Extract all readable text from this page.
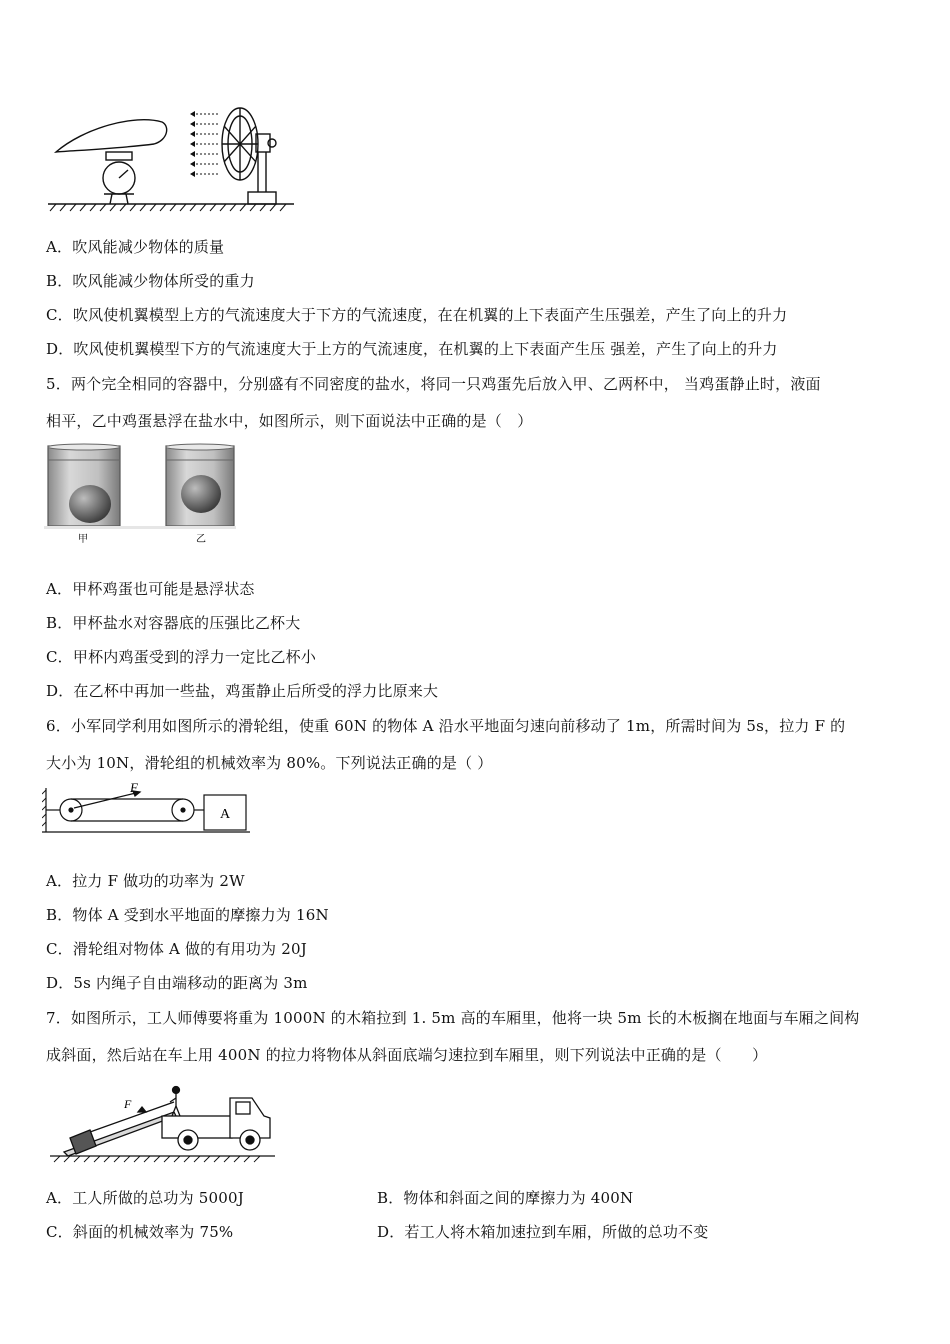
A．吹风能减少物体的质量
B．吹风能减少物体所受的重力
C．吹风使机翼模型上方的气流速度大于下方的气流速度，在在机翼的上下表面产生压强差，产生了向上的升力
D．吹风使机翼模型下方的气流速度大于上方的气流速度，在机翼的上下表面产生压 强差，产生了向上的升力
5．两个完全相同的容器中，分别盛有不同密度的盐水，将同一只鸡蛋先后放入甲、乙两杯中， 当鸡蛋静止时，液面
相平，乙中鸡蛋悬浮在盐水中，如图所示，则下面说法中正确的是（　）
甲	乙
A．甲杯鸡蛋也可能是悬浮状态
B．甲杯盐水对容器底的压强比乙杯大
C．甲杯内鸡蛋受到的浮力一定比乙杯小
D．在乙杯中再加一些盐，鸡蛋静止后所受的浮力比原来大
6．小军同学利用如图所示的滑轮组，使重 60N 的物体 A 沿水平地面匀速向前移动了 1m，所需时间为 5s，拉力 F 的
大小为 10N，滑轮组的机械效率为 80%。下列说法正确的是（ ）
F
A
A．拉力 F 做功的功率为 2W
B．物体 A 受到水平地面的摩擦力为 16N
C．滑轮组对物体 A 做的有用功为 20J
D．5s 内绳子自由端移动的距离为 3m
7．如图所示，工人师傅要将重为 1000N 的木箱拉到 1. 5m 高的车厢里，他将一块 5m 长的木板搁在地面与车厢之间构
成斜面，然后站在车上用 400N 的拉力将物体从斜面底端匀速拉到车厢里，则下列说法中正确的是（　　）
F
A．工人所做的总功为 5000J	B．物体和斜面之间的摩擦力为 400N
C．斜面的机械效率为 75%	D．若工人将木箱加速拉到车厢，所做的总功不变
